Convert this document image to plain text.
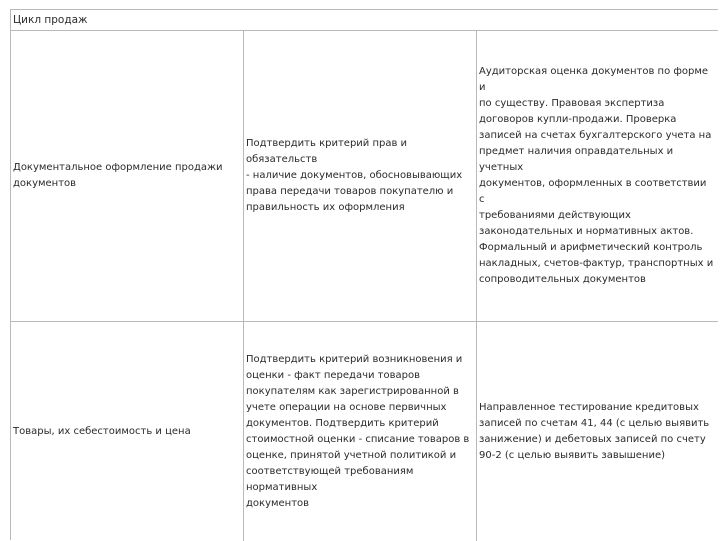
Цикл продаж
Документальное оформление продажи
документов
Подтвердить критерий прав и обязательств
- наличие документов, обосновывающих
права передачи товаров покупателю и
правильность их оформления
Аудиторская оценка документов по форме и
по существу. Правовая экспертиза
договоров купли-продажи. Проверка
записей на счетах бухгалтерского учета на
предмет наличия оправдательных и учетных
документов, оформленных в соответствии с
требованиями действующих
законодательных и нормативных актов.
Формальный и арифметический контроль
накладных, счетов-фактур, транспортных и
сопроводительных документов
Товары, их себестоимость и цена
Подтвердить критерий возникновения и
оценки - факт передачи товаров
покупателям как зарегистрированной в
учете операции на основе первичных
документов. Подтвердить критерий
стоимостной оценки - списание товаров в
оценке, принятой учетной политикой и
соответствующей требованиям нормативных
документов
Направленное тестирование кредитовых
записей по счетам 41, 44 (с целью выявить
занижение) и дебетовых записей по счету
90-2 (с целью выявить завышение)
